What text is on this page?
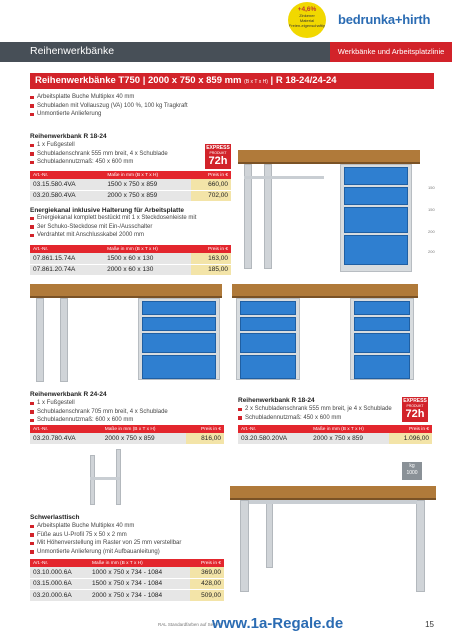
+4,6%
Zinkener
Material
Freien-eigenschaftig bedrunka+hirth
Reihenwerkbänke	Werkbänke und Arbeitsplatzlinie
Reihenwerkbänke T750 | 2000 x 750 x 859 mm (B x T x H) | R 18-24/24-24
Arbeitsplatte Buche Multiplex 40 mm
Schubladen mit Vollauszug (VA) 100 %, 100 kg Tragkraft
Unmontierte Anlieferung
Reihenwerkbank R 18-24
1 x Fußgestell
Schubladenschrank 555 mm breit, 4 x Schublade
Schubladennutzmaß: 450 x 600 mm
EXPRESS
PRODUKT
72h
Art.-Nr.	Maße in mm (B x T x H)	Preis in €
03.15.580.4VA	1500 x 750 x 859	660,00
03.20.580.4VA	2000 x 750 x 859	702,00
Energiekanal inklusive Halterung für Arbeitsplatte
Energiekanal komplett bestückt mit 1 x Steckdosenleiste mit
3er Schuko-Steckdose mit Ein-/Ausschalter
Verdrahtet mit Anschlusskabel 2000 mm
Art.-Nr.	Maße in mm (B x T x H)	Preis in €
07.861.15.74A	1500 x 60 x 130	163,00
07.861.20.74A	2000 x 60 x 130	185,00
150
150
200
200
Reihenwerkbank R 24-24
1 x Fußgestell
Schubladenschrank 705 mm breit, 4 x Schublade
Schubladennutzmaß: 600 x 600 mm
Art.-Nr.	Maße in mm (B x T x H)	Preis in €
03.20.780.4VA	2000 x 750 x 859	816,00
Reihenwerkbank R 18-24
2 x Schubladenschrank 555 mm breit, je 4 x Schublade
Schubladennutzmaß: 450 x 600 mm
EXPRESS
PRODUKT
72h
Art.-Nr.	Maße in mm (B x T x H)	Preis in €
03.20.580.20VA	2000 x 750 x 859	1.096,00
kg
1000
Schwerlasttisch
Arbeitsplatte Buche Multiplex 40 mm
Füße aus U-Profil 75 x 50 x 2 mm
Mit Höhenverstellung im Raster von 25 mm verstellbar
Unmontierte Anlieferung (mit Aufbauanleitung)
Art.-Nr.	Maße in mm (B x T x H)	Preis in €
03.10.000.6A	1000 x 750 x 734 - 1084	369,00
03.15.000.6A	1500 x 750 x 734 - 1084	428,00
03.20.000.6A	2000 x 750 x 734 - 1084	509,00
RAL Standardfarben auf Seite 2
www.1a-Regale.de	15
